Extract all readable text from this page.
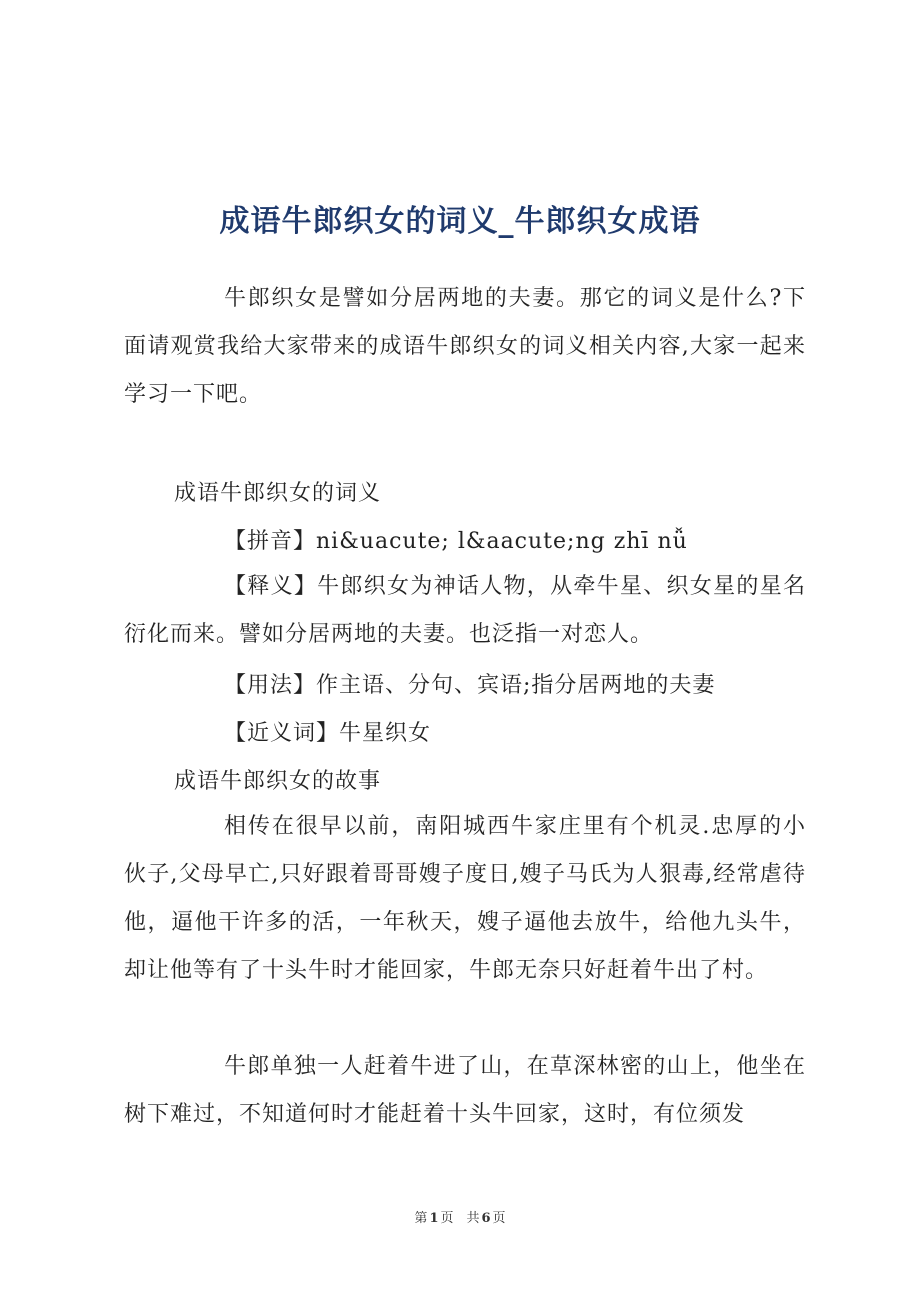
成语牛郎织女的词义_牛郎织女成语

牛郎织女是譬如分居两地的夫妻。那它的词义是什么?下面请观赏我给大家带来的成语牛郎织女的词义相关内容,大家一起来学习一下吧。

成语牛郎织女的词义

【拼音】ni&uacute; l&aacute;ng zhī nǚ

【释义】牛郎织女为神话人物，从牵牛星、织女星的星名衍化而来。譬如分居两地的夫妻。也泛指一对恋人。

【用法】作主语、分句、宾语;指分居两地的夫妻

【近义词】牛星织女

成语牛郎织女的故事

相传在很早以前，南阳城西牛家庄里有个机灵.忠厚的小伙子,父母早亡,只好跟着哥哥嫂子度日,嫂子马氏为人狠毒,经常虐待他，逼他干许多的活，一年秋天，嫂子逼他去放牛，给他九头牛，却让他等有了十头牛时才能回家，牛郎无奈只好赶着牛出了村。

牛郎单独一人赶着牛进了山，在草深林密的山上，他坐在树下难过，不知道何时才能赶着十头牛回家，这时，有位须发

第 1 页　共 6 页
